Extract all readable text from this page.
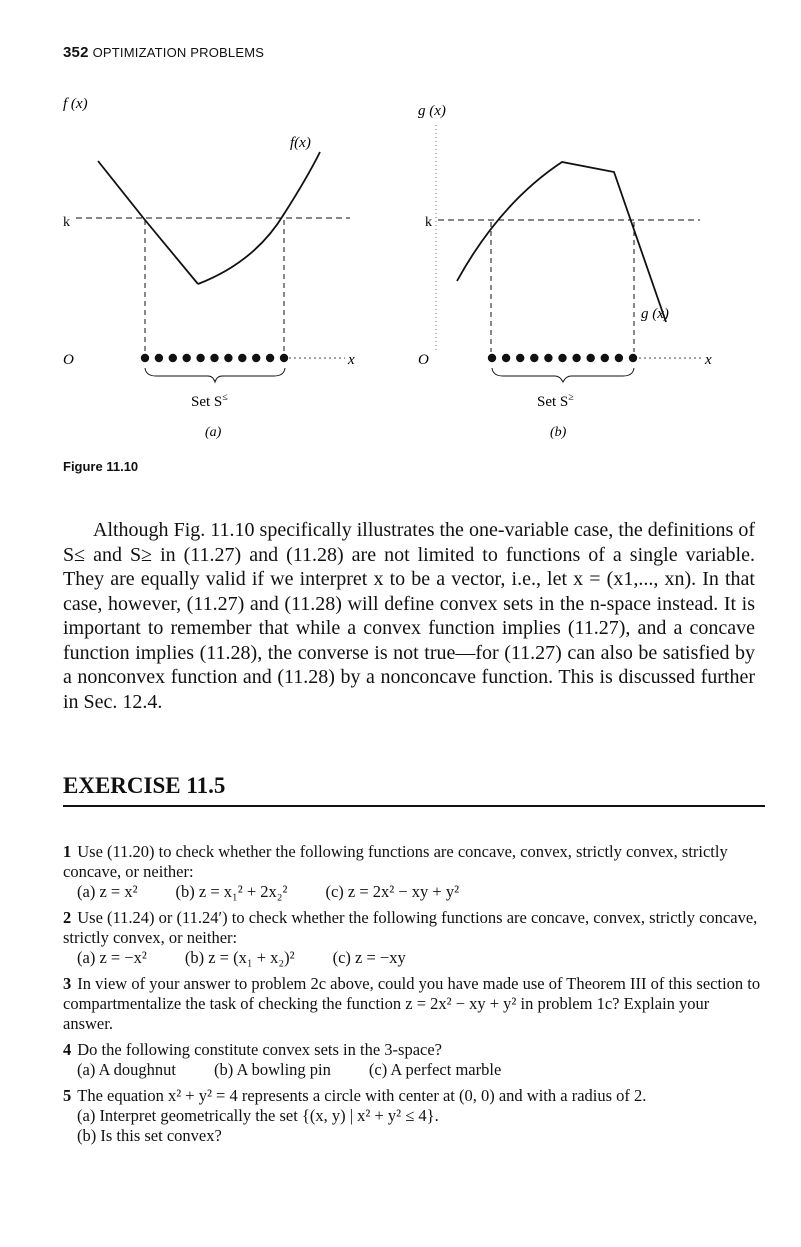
352 OPTIMIZATION PROBLEMS
f (x)
f(x)
k
O	x
Set S≤
(a)
g (x)
k
g (x)
O	x
Set S≥
(b)
Figure 11.10

Although Fig. 11.10 specifically illustrates the one-variable case, the definitions of S≤ and S≥ in (11.27) and (11.28) are not limited to functions of a single variable. They are equally valid if we interpret x to be a vector, i.e., let x = (x1,..., xn). In that case, however, (11.27) and (11.28) will define convex sets in the n-space instead. It is important to remember that while a convex function implies (11.27), and a concave function implies (11.28), the converse is not true—for (11.27) can also be satisfied by a nonconvex function and (11.28) by a nonconcave function. This is discussed further in Sec. 12.4.

EXERCISE 11.5
1 Use (11.20) to check whether the following functions are concave, convex, strictly convex, strictly concave, or neither:
(a) z = x² (b) z = x₁² + 2x₂² (c) z = 2x² − xy + y²
2 Use (11.24) or (11.24′) to check whether the following functions are concave, convex, strictly concave, strictly convex, or neither:
(a) z = −x² (b) z = (x₁ + x₂)² (c) z = −xy
3 In view of your answer to problem 2c above, could you have made use of Theorem III of this section to compartmentalize the task of checking the function z = 2x² − xy + y² in problem 1c? Explain your answer.
4 Do the following constitute convex sets in the 3-space?
(a) A doughnut (b) A bowling pin (c) A perfect marble
5 The equation x² + y² = 4 represents a circle with center at (0, 0) and with a radius of 2.
(a) Interpret geometrically the set {(x, y) | x² + y² ≤ 4}.
(b) Is this set convex?
